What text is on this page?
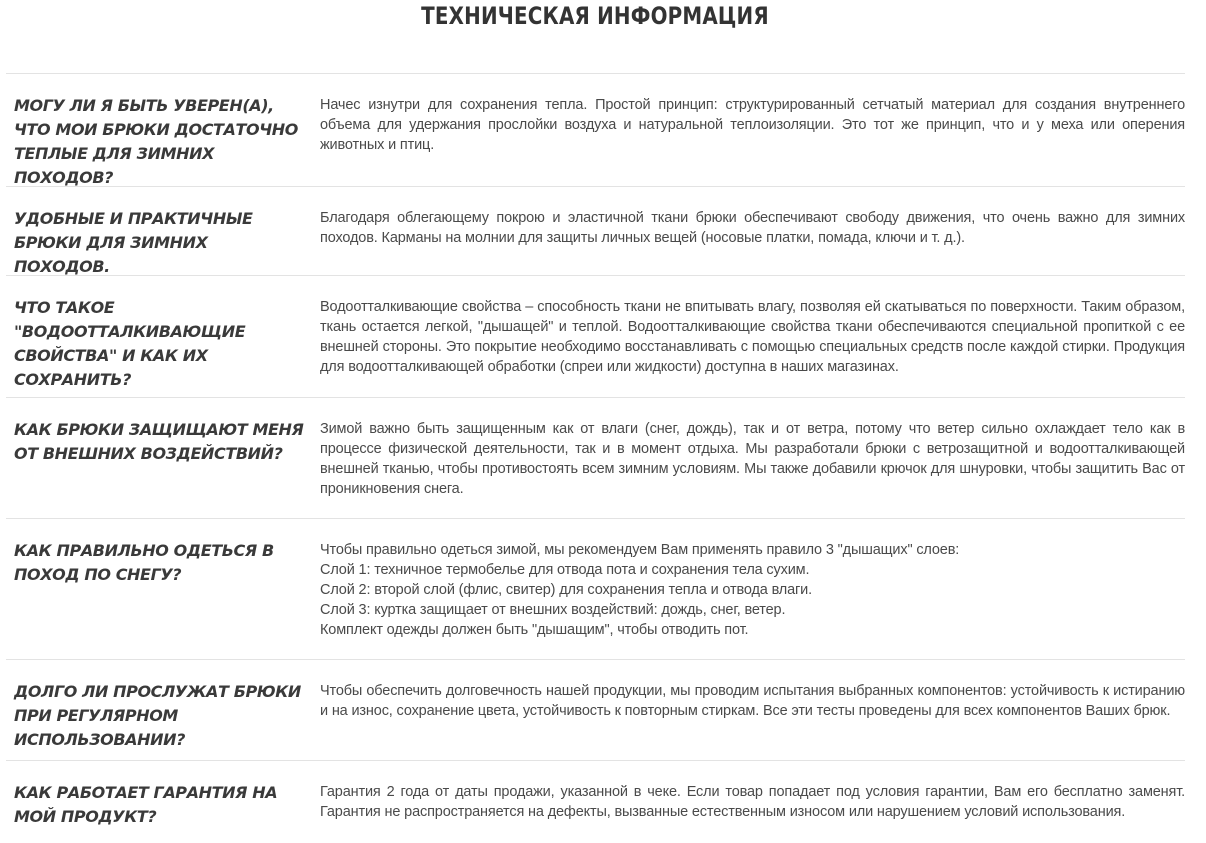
ТЕХНИЧЕСКАЯ ИНФОРМАЦИЯ
МОГУ ЛИ Я БЫТЬ УВЕРЕН(А), ЧТО МОИ БРЮКИ ДОСТАТОЧНО ТЕПЛЫЕ ДЛЯ ЗИМНИХ ПОХОДОВ?
Начес изнутри для сохранения тепла. Простой принцип: структурированный сетчатый материал для создания внутреннего объема для удержания прослойки воздуха и натуральной теплоизоляции. Это тот же принцип, что и у меха или оперения животных и птиц.
УДОБНЫЕ И ПРАКТИЧНЫЕ БРЮКИ ДЛЯ ЗИМНИХ ПОХОДОВ.
Благодаря облегающему покрою и эластичной ткани брюки обеспечивают свободу движения, что очень важно для зимних походов. Карманы на молнии для защиты личных вещей (носовые платки, помада, ключи и т. д.).
ЧТО ТАКОЕ "ВОДООТТАЛКИВАЮЩИЕ СВОЙСТВА" И КАК ИХ СОХРАНИТЬ?
Водоотталкивающие свойства – способность ткани не впитывать влагу, позволяя ей скатываться по поверхности. Таким образом, ткань остается легкой, "дышащей" и теплой. Водоотталкивающие свойства ткани обеспечиваются специальной пропиткой с ее внешней стороны. Это покрытие необходимо восстанавливать с помощью специальных средств после каждой стирки. Продукция для водоотталкивающей обработки (спреи или жидкости) доступна в наших магазинах.
КАК БРЮКИ ЗАЩИЩАЮТ МЕНЯ ОТ ВНЕШНИХ ВОЗДЕЙСТВИЙ?
Зимой важно быть защищенным как от влаги (снег, дождь), так и от ветра, потому что ветер сильно охлаждает тело как в процессе физической деятельности, так и в момент отдыха. Мы разработали брюки с ветрозащитной и водоотталкивающей внешней тканью, чтобы противостоять всем зимним условиям. Мы также добавили крючок для шнуровки, чтобы защитить Вас от проникновения снега.
КАК ПРАВИЛЬНО ОДЕТЬСЯ В ПОХОД ПО СНЕГУ?
Чтобы правильно одеться зимой, мы рекомендуем Вам применять правило 3 "дышащих" слоев:
Слой 1: техничное термобелье для отвода пота и сохранения тела сухим.
Слой 2: второй слой (флис, свитер) для сохранения тепла и отвода влаги.
Слой 3: куртка защищает от внешних воздействий: дождь, снег, ветер.
Комплект одежды должен быть "дышащим", чтобы отводить пот.
ДОЛГО ЛИ ПРОСЛУЖАТ БРЮКИ ПРИ РЕГУЛЯРНОМ ИСПОЛЬЗОВАНИИ?
Чтобы обеспечить долговечность нашей продукции, мы проводим испытания выбранных компонентов: устойчивость к истиранию и на износ, сохранение цвета, устойчивость к повторным стиркам. Все эти тесты проведены для всех компонентов Ваших брюк.
КАК РАБОТАЕТ ГАРАНТИЯ НА МОЙ ПРОДУКТ?
Гарантия 2 года от даты продажи, указанной в чеке. Если товар попадает под условия гарантии, Вам его бесплатно заменят. Гарантия не распространяется на дефекты, вызванные естественным износом или нарушением условий использования.
